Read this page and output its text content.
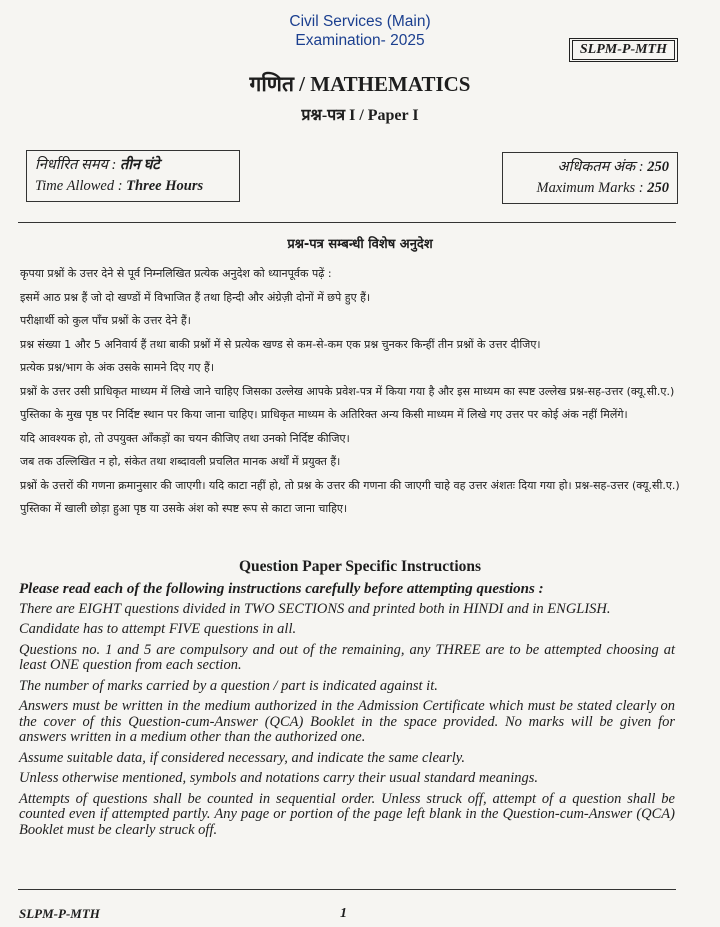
Civil Services (Main)
Examination- 2025
SLPM-P-MTH
गणित / MATHEMATICS
प्रश्न-पत्र I / Paper I
निर्धारित समय : तीन घंटे
Time Allowed : Three Hours
अधिकतम अंक : 250
Maximum Marks : 250
प्रश्न-पत्र सम्बन्धी विशेष अनुदेश

कृपया प्रश्नों के उत्तर देने से पूर्व निम्नलिखित प्रत्येक अनुदेश को ध्यानपूर्वक पढ़ें :

इसमें आठ प्रश्न हैं जो दो खण्डों में विभाजित हैं तथा हिन्दी और अंग्रेज़ी दोनों में छपे हुए हैं।

परीक्षार्थी को कुल पाँच प्रश्नों के उत्तर देने हैं।

प्रश्न संख्या 1 और 5 अनिवार्य हैं तथा बाकी प्रश्नों में से प्रत्येक खण्ड से कम-से-कम एक प्रश्न चुनकर किन्हीं तीन प्रश्नों के उत्तर दीजिए।

प्रत्येक प्रश्न/भाग के अंक उसके सामने दिए गए हैं।

प्रश्नों के उत्तर उसी प्राधिकृत माध्यम में लिखे जाने चाहिए जिसका उल्लेख आपके प्रवेश-पत्र में किया गया है और इस माध्यम का स्पष्ट उल्लेख प्रश्न-सह-उत्तर (क्यू.सी.ए.) पुस्तिका के मुख पृष्ठ पर निर्दिष्ट स्थान पर किया जाना चाहिए। प्राधिकृत माध्यम के अतिरिक्त अन्य किसी माध्यम में लिखे गए उत्तर पर कोई अंक नहीं मिलेंगे।

यदि आवश्यक हो, तो उपयुक्त आँकड़ों का चयन कीजिए तथा उनको निर्दिष्ट कीजिए।

जब तक उल्लिखित न हो, संकेत तथा शब्दावली प्रचलित मानक अर्थों में प्रयुक्त हैं।

प्रश्नों के उत्तरों की गणना क्रमानुसार की जाएगी। यदि काटा नहीं हो, तो प्रश्न के उत्तर की गणना की जाएगी चाहे वह उत्तर अंशतः दिया गया हो। प्रश्न-सह-उत्तर (क्यू.सी.ए.) पुस्तिका में खाली छोड़ा हुआ पृष्ठ या उसके अंश को स्पष्ट रूप से काटा जाना चाहिए।

Question Paper Specific Instructions

Please read each of the following instructions carefully before attempting questions :

There are EIGHT questions divided in TWO SECTIONS and printed both in HINDI and in ENGLISH.

Candidate has to attempt FIVE questions in all.

Questions no. 1 and 5 are compulsory and out of the remaining, any THREE are to be attempted choosing at least ONE question from each section.

The number of marks carried by a question / part is indicated against it.

Answers must be written in the medium authorized in the Admission Certificate which must be stated clearly on the cover of this Question-cum-Answer (QCA) Booklet in the space provided. No marks will be given for answers written in a medium other than the authorized one.

Assume suitable data, if considered necessary, and indicate the same clearly.

Unless otherwise mentioned, symbols and notations carry their usual standard meanings.

Attempts of questions shall be counted in sequential order. Unless struck off, attempt of a question shall be counted even if attempted partly. Any page or portion of the page left blank in the Question-cum-Answer (QCA) Booklet must be clearly struck off.

SLPM-P-MTH	1
